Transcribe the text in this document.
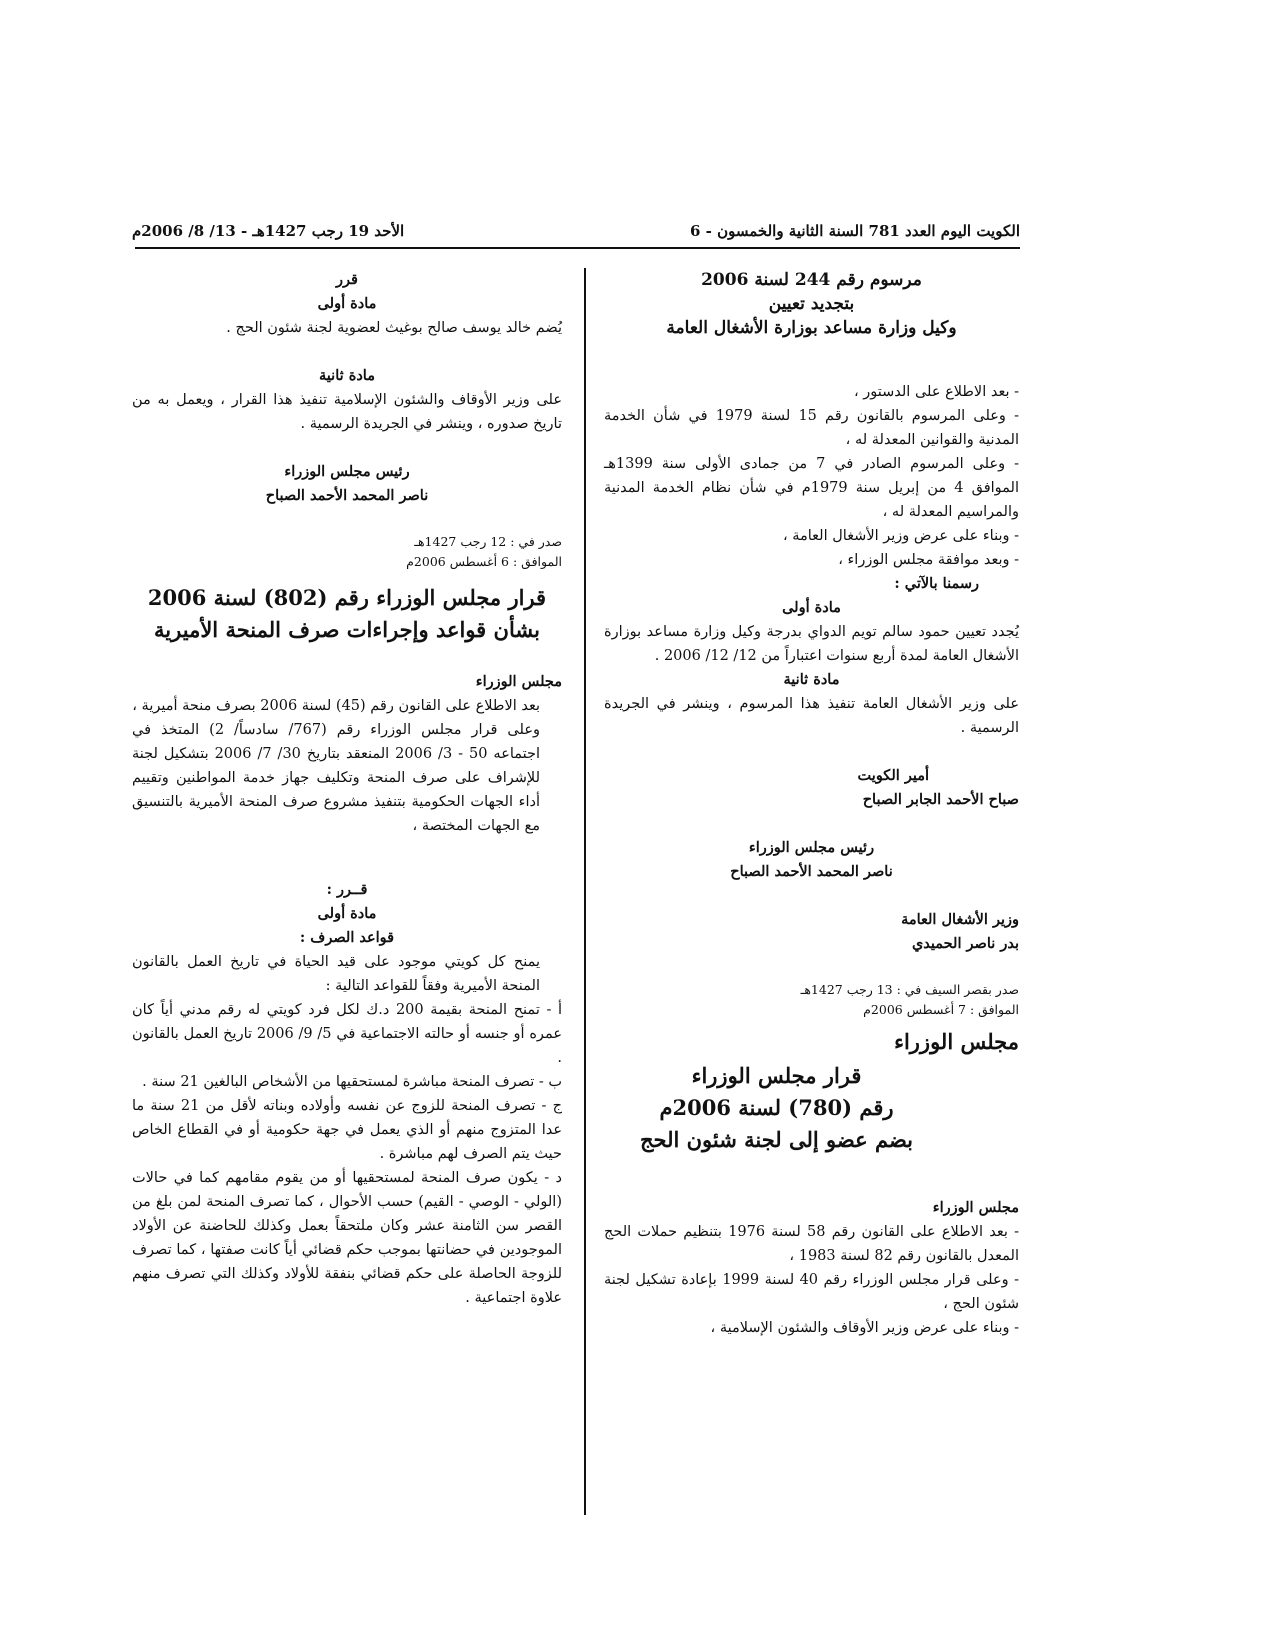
الكويت اليوم العدد 781 السنة الثانية والخمسون - 6
الأحد 19 رجب 1427هـ - 13/ 8/ 2006م
مرسوم رقم 244 لسنة 2006
بتجديد تعيين
وكيل وزارة مساعد بوزارة الأشغال العامة
- بعد الاطلاع على الدستور ،
- وعلى المرسوم بالقانون رقم 15 لسنة 1979 في شأن الخدمة المدنية والقوانين المعدلة له ،
- وعلى المرسوم الصادر في 7 من جمادى الأولى سنة 1399هـ الموافق 4 من إبريل سنة 1979م في شأن نظام الخدمة المدنية والمراسيم المعدلة له ،
- وبناء على عرض وزير الأشغال العامة ،
- وبعد موافقة مجلس الوزراء ،
رسمنا بالآتي :
مادة أولى
يُجدد تعيين حمود سالم تويم الدواي بدرجة وكيل وزارة مساعد بوزارة الأشغال العامة لمدة أربع سنوات اعتباراً من 12/ 12/ 2006 .
مادة ثانية
على وزير الأشغال العامة تنفيذ هذا المرسوم ، وينشر في الجريدة الرسمية .
أمير الكويت
صباح الأحمد الجابر الصباح
رئيس مجلس الوزراء
ناصر المحمد الأحمد الصباح
وزير الأشغال العامة
بدر ناصر الحميدي
صدر بقصر السيف في : 13 رجب 1427هـ
الموافق : 7 أغسطس 2006م
مجلس الوزراء
قرار مجلس الوزراء
رقم (780) لسنة 2006م
بضم عضو إلى لجنة شئون الحج
مجلس الوزراء
- بعد الاطلاع على القانون رقم 58 لسنة 1976 بتنظيم حملات الحج المعدل بالقانون رقم 82 لسنة 1983 ،
- وعلى قرار مجلس الوزراء رقم 40 لسنة 1999 بإعادة تشكيل لجنة شئون الحج ،
- وبناء على عرض وزير الأوقاف والشئون الإسلامية ،
قرر
مادة أولى
يُضم خالد يوسف صالح بوغيث لعضوية لجنة شئون الحج .
مادة ثانية
على وزير الأوقاف والشئون الإسلامية تنفيذ هذا القرار ، ويعمل به من تاريخ صدوره ، وينشر في الجريدة الرسمية .
رئيس مجلس الوزراء
ناصر المحمد الأحمد الصباح
صدر في : 12 رجب 1427هـ
الموافق : 6 أغسطس 2006م
قرار مجلس الوزراء رقم (802) لسنة 2006
بشأن قواعد وإجراءات صرف المنحة الأميرية
مجلس الوزراء
بعد الاطلاع على القانون رقم (45) لسنة 2006 بصرف منحة أميرية ،
وعلى قرار مجلس الوزراء رقم (767/ سادساً/ 2) المتخذ في اجتماعه 50 - 3/ 2006 المنعقد بتاريخ 30/ 7/ 2006 بتشكيل لجنة للإشراف على صرف المنحة وتكليف جهاز خدمة المواطنين وتقييم أداء الجهات الحكومية بتنفيذ مشروع صرف المنحة الأميرية بالتنسيق مع الجهات المختصة ،
قــرر :
مادة أولى
قواعد الصرف :
يمنح كل كويتي موجود على قيد الحياة في تاريخ العمل بالقانون المنحة الأميرية وفقاً للقواعد التالية :
أ - تمنح المنحة بقيمة 200 د.ك لكل فرد كويتي له رقم مدني أياً كان عمره أو جنسه أو حالته الاجتماعية في 5/ 9/ 2006 تاريخ العمل بالقانون .
ب - تصرف المنحة مباشرة لمستحقيها من الأشخاص البالغين 21 سنة .
ج - تصرف المنحة للزوج عن نفسه وأولاده وبناته لأقل من 21 سنة ما عدا المتزوج منهم أو الذي يعمل في جهة حكومية أو في القطاع الخاص حيث يتم الصرف لهم مباشرة .
د - يكون صرف المنحة لمستحقيها أو من يقوم مقامهم كما في حالات (الولي - الوصي - القيم) حسب الأحوال ، كما تصرف المنحة لمن بلغ من القصر سن الثامنة عشر وكان ملتحقاً بعمل وكذلك للحاضنة عن الأولاد الموجودين في حضانتها بموجب حكم قضائي أياً كانت صفتها ، كما تصرف للزوجة الحاصلة على حكم قضائي بنفقة للأولاد وكذلك التي تصرف منهم علاوة اجتماعية .
